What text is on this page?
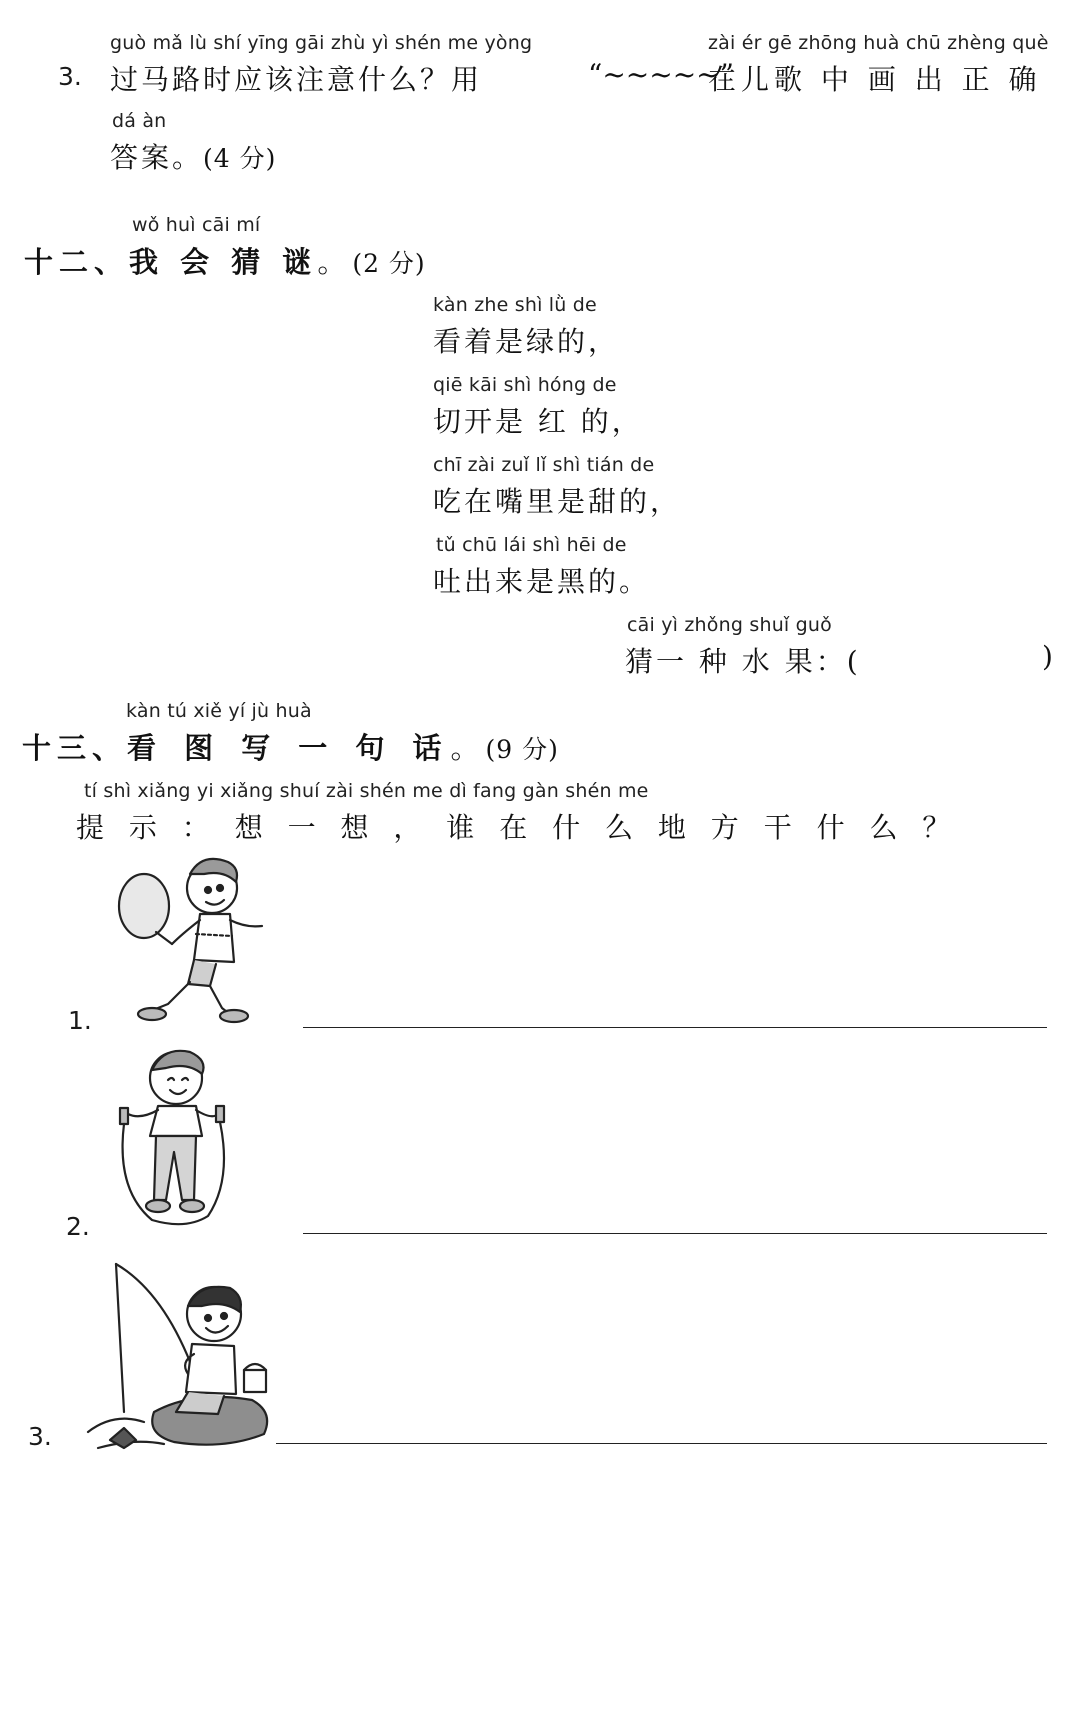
guò mǎ lù shí yīng gāi zhù yì shén me yòng	zài ér gē zhōng huà chū zhèng què
3. 过马路时应该注意什么？用	“~~~~~”
在儿歌 中 画 出 正 确
dá àn
答案。(4 分)
wǒ huì cāi mí
十二、我 会 猜 谜。(2 分)
kàn zhe shì lǜ de
看着是绿的，
qiē kāi shì hóng de
切开是 红 的，
chī zài zuǐ lǐ shì tián de
吃在嘴里是甜的，
tǔ chū lái shì hēi de
吐出来是黑的。
cāi yì zhǒng shuǐ guǒ
猜一 种 水 果：(	)
kàn tú xiě yí jù huà
十三、看 图 写 一 句 话。(9 分)
tí shì xiǎng yi xiǎng shuí zài shén me dì fang gàn shén me
提 示 ： 想 一 想 ， 谁 在 什 么 地 方 干 什 么 ？
1.
2.
3.
